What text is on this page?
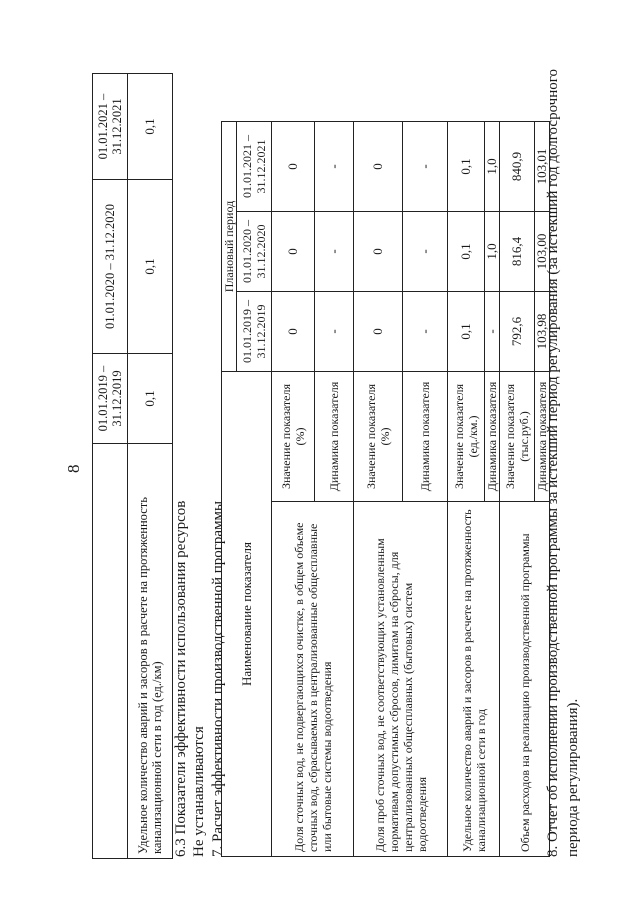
8
	01.01.2019 – 31.12.2019	01.01.2020 – 31.12.2020	01.01.2021 – 31.12.2021
Удельное количество аварий и засоров в расчете на протяженность канализационной сети в год (ед./км)	0,1	0,1	0,1
6.3 Показатели эффективности использования ресурсов Не устанавливаются 7. Расчет эффективности производственной программы Наименование показателя		Плановый период		
		01.01.2019 – 31.12.2019	01.01.2020 – 31.12.2020	01.01.2021 – 31.12.2021
Доля сточных вод, не подвергающихся очистке, в общем объеме сточных вод, сбрасываемых в централизованные общесплавные или бытовые системы водоотведения	Значение показателя (%)	0	0	0
	Динамика показателя	-	-	-
Доля проб сточных вод, не соответствующих установленным нормативам допустимых сбросов, лимитам на сбросы, для централизованных общесплавных (бытовых) систем водоотведения	Значение показателя (%)	0	0	0
	Динамика показателя	-	-	-
Удельное количество аварий и засоров в расчете на протяженность канализационной сети в год	Значение показателя (ед./км.)	0,1	0,1	0,1
	Динамика показателя	-	1,0	1,0
Объем расходов на реализацию производственной программы	Значение показателя (тыс.руб.)	792,6	816,4	840,9
	Динамика показателя	103,98	103,00	103,01
8. Отчет об исполнении производственной программы за истекший период регулирования (за истекший год долгосрочного периода регулирования).
